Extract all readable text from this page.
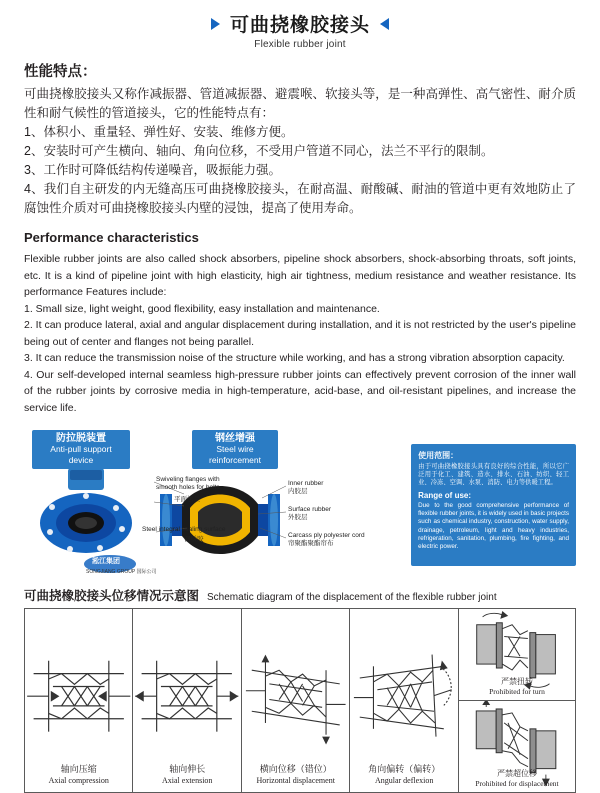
可曲挠橡胶接头
Flexible rubber joint
性能特点：
可曲挠橡胶接头又称作减振器、管道减振器、避震喉、软接头等，是一种高弹性、高气密性、耐介质性和耐气候性的管道接头，它的性能特点有：
1、体积小、重量轻、弹性好、安装、维修方便。
2、安装时可产生横向、轴向、角向位移，不受用户管道不同心，法兰不平行的限制。
3、工作时可降低结构传递噪音，吸振能力强。
4、我们自主研发的内无缝高压可曲挠橡胶接头，在耐高温、耐酸碱、耐油的管道中更有效地防止了腐蚀性介质对可曲挠橡胶接头内壁的浸蚀，提高了使用寿命。
Performance characteristics
Flexible rubber joints are also called shock absorbers, pipeline shock absorbers, shock-absorbing throats, soft joints, etc. It is a kind of pipeline joint with high elasticity, high air tightness, medium resistance and weather resistance. Its performance Features include:
1. Small size, light weight, good flexibility, easy installation and maintenance.
2. It can produce lateral, axial and angular displacement during installation, and it is not restricted by the user's pipeline being out of center and flanges not being parallel.
3. It can reduce the transmission noise of the structure while working, and has a strong vibration absorption capacity.
4. Our self-developed internal seamless high-pressure rubber joints can effectively prevent corrosion of the inner wall of the rubber joints by corrosive media in high-temperature, acid-base, and oil-resistant pipelines, and increase the service life.
防拉脱装置
Anti-pull support device
钢丝增强
Steel wire reinforcement
Swiveling flanges with
smooth holes for bolts
平面法兰
Steel integral sealing surface
钢质胶
Inner rubber
内胶层
Surface rubber
外胶层
Carcass ply polyester cord
帘聚酯聚酯帘布
淞江集团
SONGJIANG GROUP 国际公司
使用范围：
由于可曲挠橡胶接头具有良好的综合性能，所以它广泛用于化工、建筑、造水、排水、石油、纺织、轻工业、冷冻、空调、水泵、消防、电力等供暖工程。
Range of use:
Due to the good comprehensive performance of flexible rubber joints, it is widely used in basic projects such as chemical industry, construction, water supply, drainage, petroleum, light and heavy industries, refrigeration, sanitation, plumbing, fire fighting, and electric power.
可曲挠橡胶接头位移情况示意图 Schematic diagram of the displacement of the flexible rubber joint
轴向压缩
Axial compression
轴向伸长
Axial extension
横向位移（错位）
Horizontal displacement
角向偏转（偏转）
Angular deflexion
严禁扭转
Prohibited for turn
严禁超位移
Prohibited for displacement
